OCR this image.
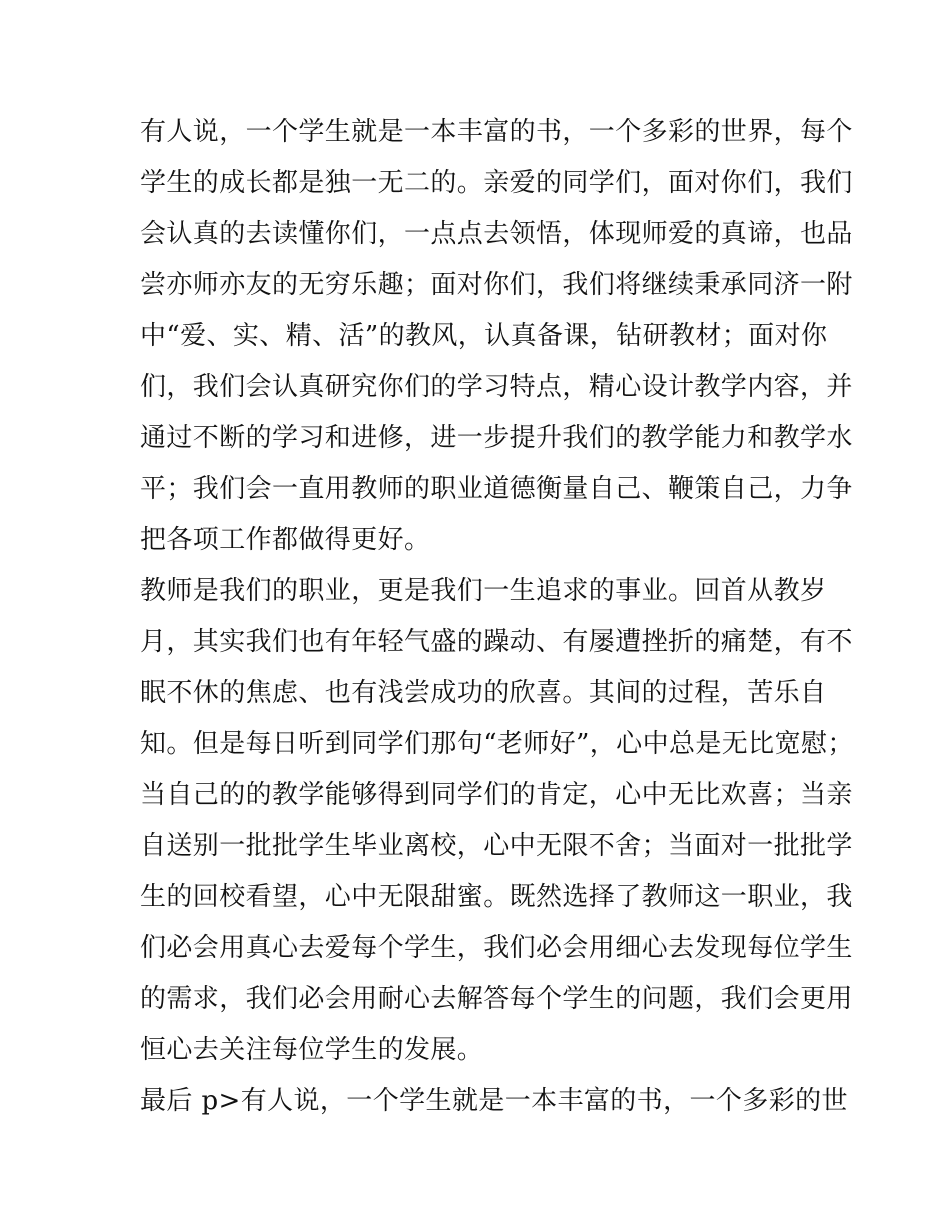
有人说，一个学生就是一本丰富的书，一个多彩的世界，每个
学生的成长都是独一无二的。亲爱的同学们，面对你们，我们
会认真的去读懂你们，一点点去领悟，体现师爱的真谛，也品
尝亦师亦友的无穷乐趣；面对你们，我们将继续秉承同济一附
中“爱、实、精、活”的教风，认真备课，钻研教材；面对你
们，我们会认真研究你们的学习特点，精心设计教学内容，并
通过不断的学习和进修，进一步提升我们的教学能力和教学水
平；我们会一直用教师的职业道德衡量自己、鞭策自己，力争
把各项工作都做得更好。
教师是我们的职业，更是我们一生追求的事业。回首从教岁
月，其实我们也有年轻气盛的躁动、有屡遭挫折的痛楚，有不
眠不休的焦虑、也有浅尝成功的欣喜。其间的过程，苦乐自
知。但是每日听到同学们那句“老师好”，心中总是无比宽慰；
当自己的的教学能够得到同学们的肯定，心中无比欢喜；当亲
自送别一批批学生毕业离校，心中无限不舍；当面对一批批学
生的回校看望，心中无限甜蜜。既然选择了教师这一职业，我
们必会用真心去爱每个学生，我们必会用细心去发现每位学生
的需求，我们必会用耐心去解答每个学生的问题，我们会更用
恒心去关注每位学生的发展。
最后 p>有人说，一个学生就是一本丰富的书，一个多彩的世
